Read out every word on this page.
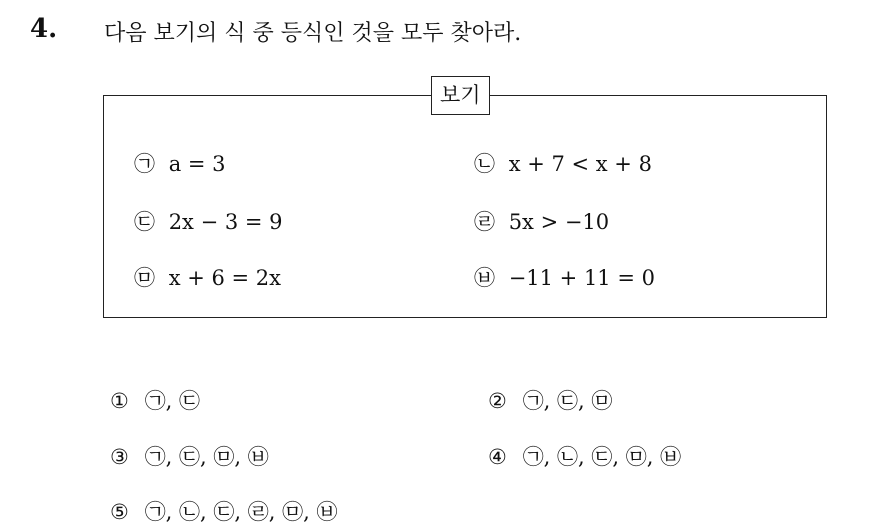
4. 다음 보기의 식 중 등식인 것을 모두 찾아라.
보기
㉠ a = 3	㉡ x + 7 < x + 8
㉢ 2x − 3 = 9	㉣ 5x > −10
㉤ x + 6 = 2x	㉥ −11 + 11 = 0
① ㉠, ㉢	② ㉠, ㉢, ㉤
③ ㉠, ㉢, ㉤, ㉥	④ ㉠, ㉡, ㉢, ㉤, ㉥
⑤ ㉠, ㉡, ㉢, ㉣, ㉤, ㉥
